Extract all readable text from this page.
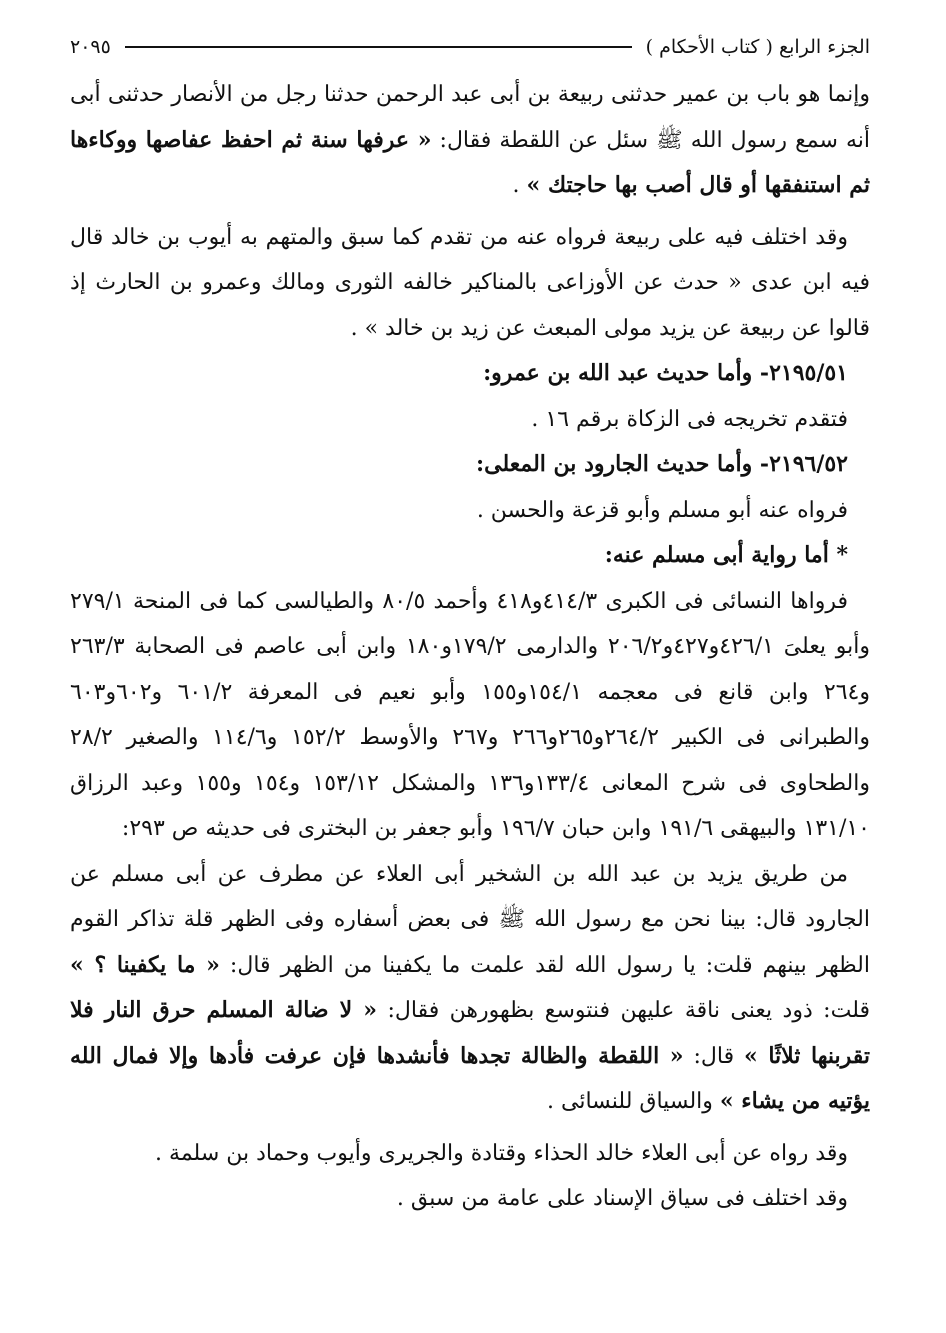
الجزء الرابع ( كتاب الأحكام )
٢٠٩٥

وإنما هو باب بن عمير حدثنى ربيعة بن أبى عبد الرحمن حدثنا رجل من الأنصار حدثنى أبى أنه سمع رسول الله ﷺ سئل عن اللقطة فقال: « عرفها سنة ثم احفظ عفاصها ووكاءها ثم استنفقها أو قال أصب بها حاجتك » .

وقد اختلف فيه على ربيعة فرواه عنه من تقدم كما سبق والمتهم به أيوب بن خالد قال فيه ابن عدى « حدث عن الأوزاعى بالمناكير خالفه الثورى ومالك وعمرو بن الحارث إذ قالوا عن ربيعة عن يزيد مولى المبعث عن زيد بن خالد » .

٢١٩٥/٥١- وأما حديث عبد الله بن عمرو:

فتقدم تخريجه فى الزكاة برقم ١٦ .

٢١٩٦/٥٢- وأما حديث الجارود بن المعلى:

فرواه عنه أبو مسلم وأبو قزعة والحسن .

* أما رواية أبى مسلم عنه:

فرواها النسائى فى الكبرى ٤١٤/٣و٤١٨ وأحمد ٨٠/٥ والطيالسى كما فى المنحة ٢٧٩/١ وأبو يعلىَ ٤٢٦/١و٤٢٧و٢٠٦/٢ والدارمى ١٧٩/٢و١٨٠ وابن أبى عاصم فى الصحابة ٢٦٣/٣ و٢٦٤ وابن قانع فى معجمه ١٥٤/١و١٥٥ وأبو نعيم فى المعرفة ٦٠١/٢ و٦٠٢و٦٠٣ والطبرانى فى الكبير ٢٦٤/٢و٢٦٥و٢٦٦ و٢٦٧ والأوسط ١٥٢/٢ و١١٤/٦ والصغير ٢٨/٢ والطحاوى فى شرح المعانى ١٣٣/٤و١٣٦ والمشكل ١٥٣/١٢ و١٥٤ و١٥٥ وعبد الرزاق ١٣١/١٠ والبيهقى ١٩١/٦ وابن حبان ١٩٦/٧ وأبو جعفر بن البخترى فى حديثه ص ٢٩٣:

من طريق يزيد بن عبد الله بن الشخير أبى العلاء عن مطرف عن أبى مسلم عن الجارود قال: بينا نحن مع رسول الله ﷺ فى بعض أسفاره وفى الظهر قلة تذاكر القوم الظهر بينهم قلت: يا رسول الله لقد علمت ما يكفينا من الظهر قال: « ما يكفينا ؟ » قلت: ذود يعنى ناقة عليهن فنتوسع بظهورهن فقال: « لا ضالة المسلم حرق النار فلا تقربنها ثلاثًا » قال: « اللقطة والظالة تجدها فأنشدها فإن عرفت فأدها وإلا فمال الله يؤتيه من يشاء » والسياق للنسائى .

وقد رواه عن أبى العلاء خالد الحذاء وقتادة والجريرى وأيوب وحماد بن سلمة .

وقد اختلف فى سياق الإسناد على عامة من سبق .
